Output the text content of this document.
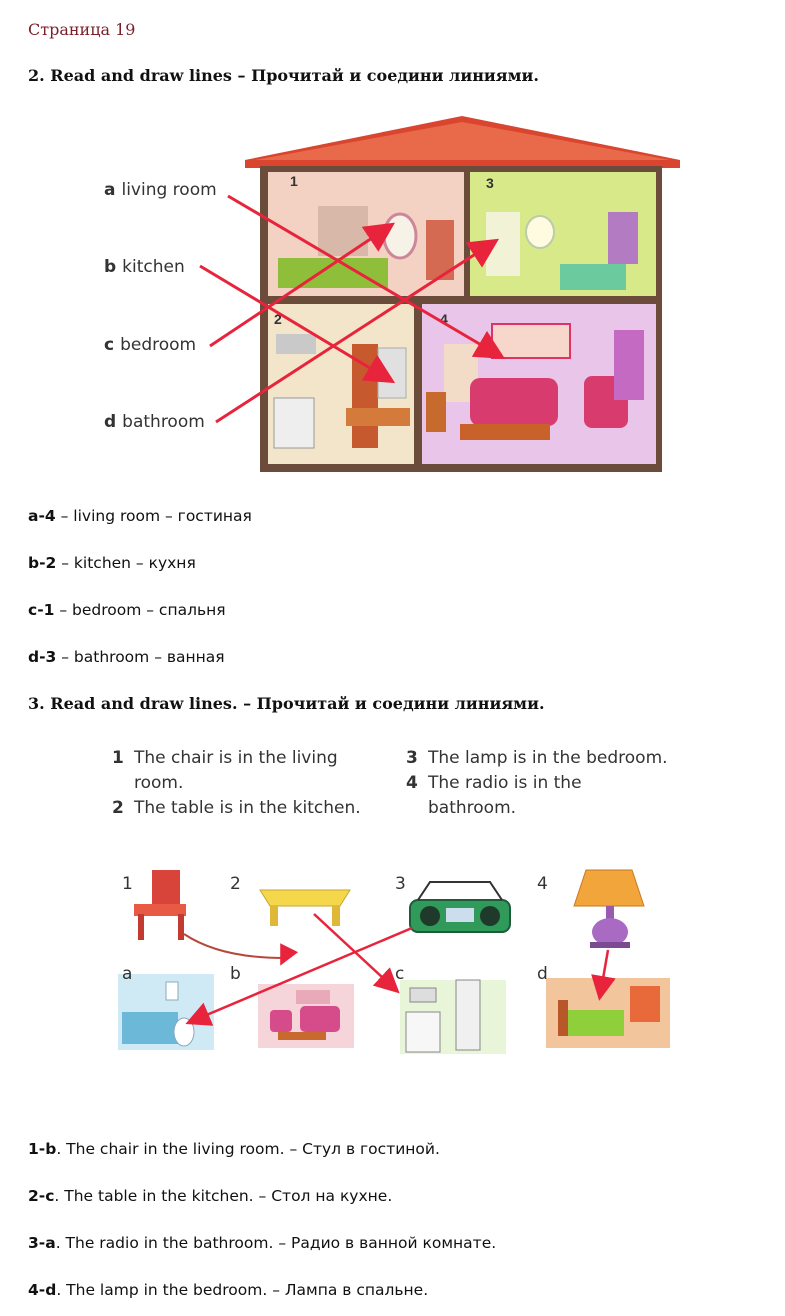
Страница 19
2. Read and draw lines – Прочитай и соедини линиями.
1	3
2	4
a living room
b kitchen
c bedroom
d bathroom
a-4 – living room – гостиная
b-2 – kitchen – кухня
c-1 – bedroom – спальня
d-3 – bathroom – ванная
3. Read and draw lines. – Прочитай и соедини линиями.
1 The chair is in the living
room.
2 The table is in the kitchen.
3 The lamp is in the bedroom.
4 The radio is in the
bathroom.
1	2	3	4
a	b	c	d
1-b. The chair in the living room. – Стул в гостиной.
2-c. The table in the kitchen. – Стол на кухне.
3-a. The radio in the bathroom. – Радио в ванной комнате.
4-d. The lamp in the bedroom. – Лампа в спальне.
